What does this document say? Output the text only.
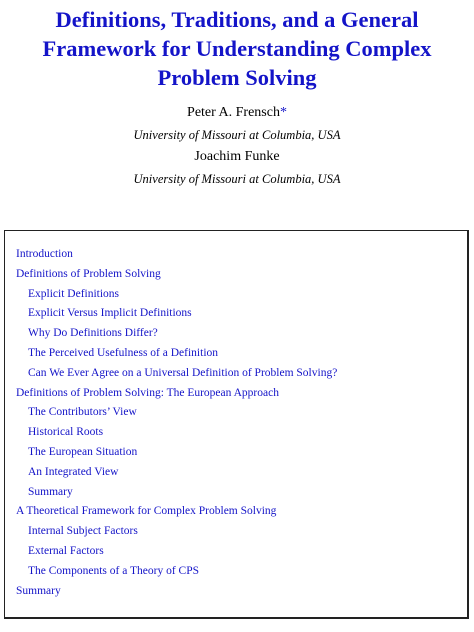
Definitions, Traditions, and a General
Framework for Understanding Complex
Problem Solving

Peter A. Frensch*

University of Missouri at Columbia, USA

Joachim Funke

University of Missouri at Columbia, USA

Introduction
Definitions of Problem Solving
Explicit Definitions
Explicit Versus Implicit Definitions
Why Do Definitions Differ?
The Perceived Usefulness of a Definition
Can We Ever Agree on a Universal Definition of Problem Solving?
Definitions of Problem Solving: The European Approach
The Contributors’ View
Historical Roots
The European Situation
An Integrated View
Summary
A Theoretical Framework for Complex Problem Solving
Internal Subject Factors
External Factors
The Components of a Theory of CPS
Summary
